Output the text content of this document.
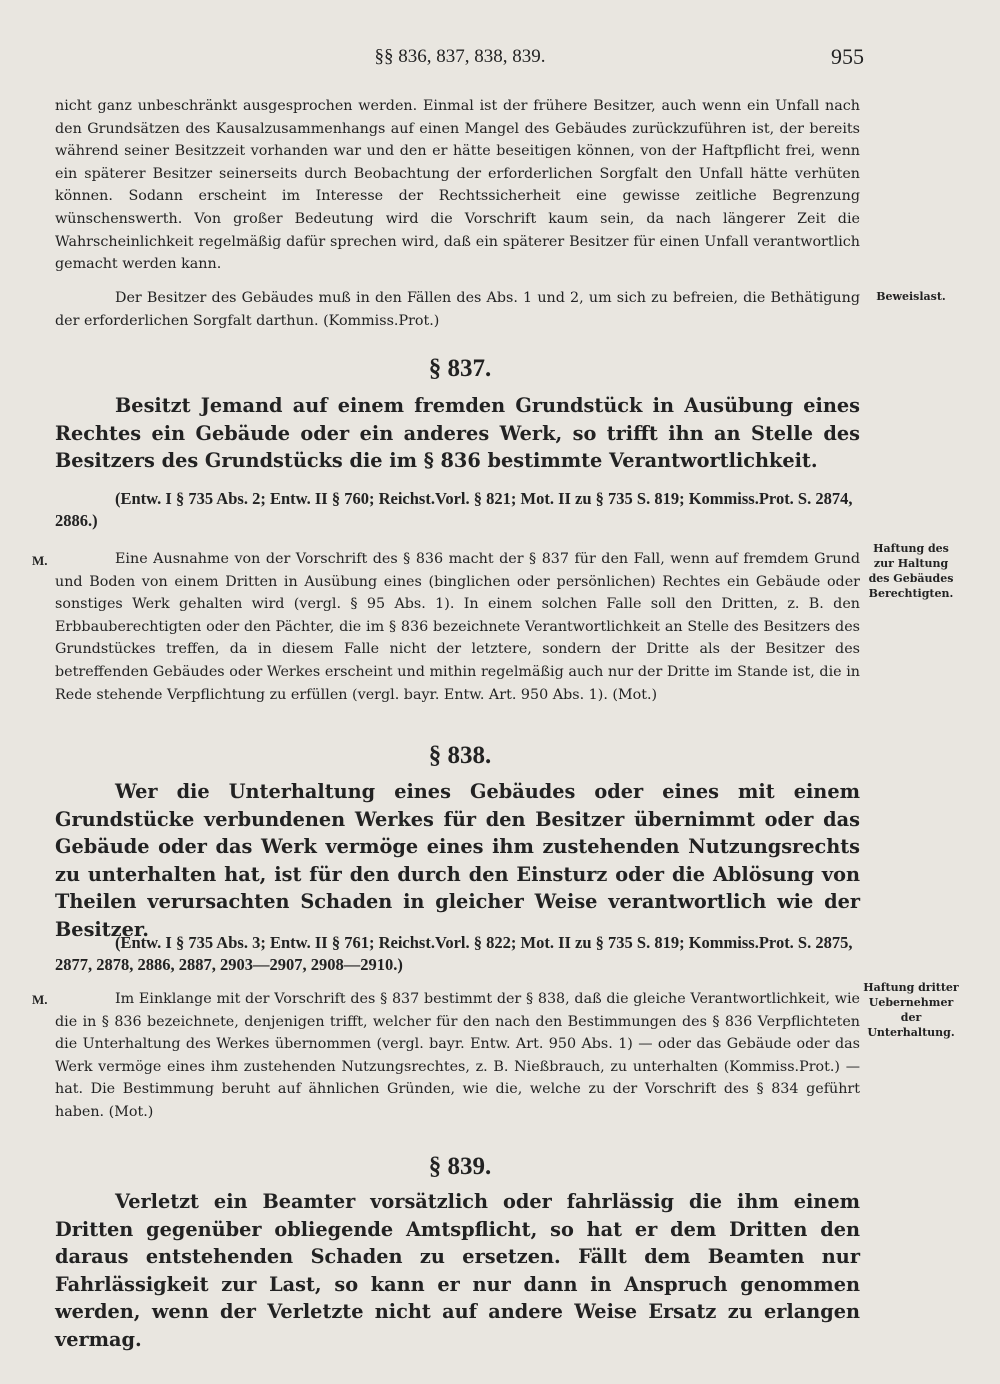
§§ 836, 837, 838, 839.	955

nicht ganz unbeschränkt ausgesprochen werden. Einmal ist der frühere Besitzer, auch wenn ein Unfall nach den Grundsätzen des Kausalzusammenhangs auf einen Mangel des Gebäudes zurückzuführen ist, der bereits während seiner Besitzzeit vorhanden war und den er hätte beseitigen können, von der Haftpflicht frei, wenn ein späterer Besitzer seinerseits durch Beobachtung der erforderlichen Sorgfalt den Unfall hätte verhüten können. Sodann erscheint im Interesse der Rechtssicherheit eine gewisse zeitliche Begrenzung wünschenswerth. Von großer Bedeutung wird die Vorschrift kaum sein, da nach längerer Zeit die Wahrscheinlichkeit regelmäßig dafür sprechen wird, daß ein späterer Besitzer für einen Unfall verantwortlich gemacht werden kann.

Der Besitzer des Gebäudes muß in den Fällen des Abs. 1 und 2, um sich zu befreien, die Bethätigung der erforderlichen Sorgfalt darthun. (Kommiss.Prot.)

Beweislast.
§ 837.

Besitzt Jemand auf einem fremden Grundstück in Ausübung eines Rechtes ein Gebäude oder ein anderes Werk, so trifft ihn an Stelle des Besitzers des Grundstücks die im § 836 bestimmte Verantwortlichkeit.

(Entw. I § 735 Abs. 2; Entw. II § 760; Reichst.Vorl. § 821; Mot. II zu § 735 S. 819; Kommiss.Prot. S. 2874, 2886.)

M.	Eine Ausnahme von der Vorschrift des § 836 macht der § 837 für den Fall, wenn auf fremdem Grund und Boden von einem Dritten in Ausübung eines (binglichen oder persönlichen) Rechtes ein Gebäude oder sonstiges Werk gehalten wird (vergl. § 95 Abs. 1). In einem solchen Falle soll den Dritten, z. B. den Erbbauberechtigten oder den Pächter, die im § 836 bezeichnete Verantwortlichkeit an Stelle des Besitzers des Grundstückes treffen, da in diesem Falle nicht der letztere, sondern der Dritte als der Besitzer des betreffenden Gebäudes oder Werkes erscheint und mithin regelmäßig auch nur der Dritte im Stande ist, die in Rede stehende Verpflichtung zu erfüllen (vergl. bayr. Entw. Art. 950 Abs. 1). (Mot.)

Haftung des zur Haltung des Gebäudes Berechtigten.
§ 838.

Wer die Unterhaltung eines Gebäudes oder eines mit einem Grundstücke verbundenen Werkes für den Besitzer übernimmt oder das Gebäude oder das Werk vermöge eines ihm zustehenden Nutzungsrechts zu unterhalten hat, ist für den durch den Einsturz oder die Ablösung von Theilen verursachten Schaden in gleicher Weise verantwortlich wie der Besitzer.

(Entw. I § 735 Abs. 3; Entw. II § 761; Reichst.Vorl. § 822; Mot. II zu § 735 S. 819; Kommiss.Prot. S. 2875, 2877, 2878, 2886, 2887, 2903—2907, 2908—2910.)

M.	Im Einklange mit der Vorschrift des § 837 bestimmt der § 838, daß die gleiche Verantwortlichkeit, wie die in § 836 bezeichnete, denjenigen trifft, welcher für den nach den Bestimmungen des § 836 Verpflichteten die Unterhaltung des Werkes übernommen (vergl. bayr. Entw. Art. 950 Abs. 1) — oder das Gebäude oder das Werk vermöge eines ihm zustehenden Nutzungsrechtes, z. B. Nießbrauch, zu unterhalten (Kommiss.Prot.) — hat. Die Bestimmung beruht auf ähnlichen Gründen, wie die, welche zu der Vorschrift des § 834 geführt haben. (Mot.)

Haftung dritter Uebernehmer der Unterhaltung.
§ 839.

Verletzt ein Beamter vorsätzlich oder fahrlässig die ihm einem Dritten gegenüber obliegende Amtspflicht, so hat er dem Dritten den daraus entstehenden Schaden zu ersetzen. Fällt dem Beamten nur Fahrlässigkeit zur Last, so kann er nur dann in Anspruch genommen werden, wenn der Verletzte nicht auf andere Weise Ersatz zu erlangen vermag.
